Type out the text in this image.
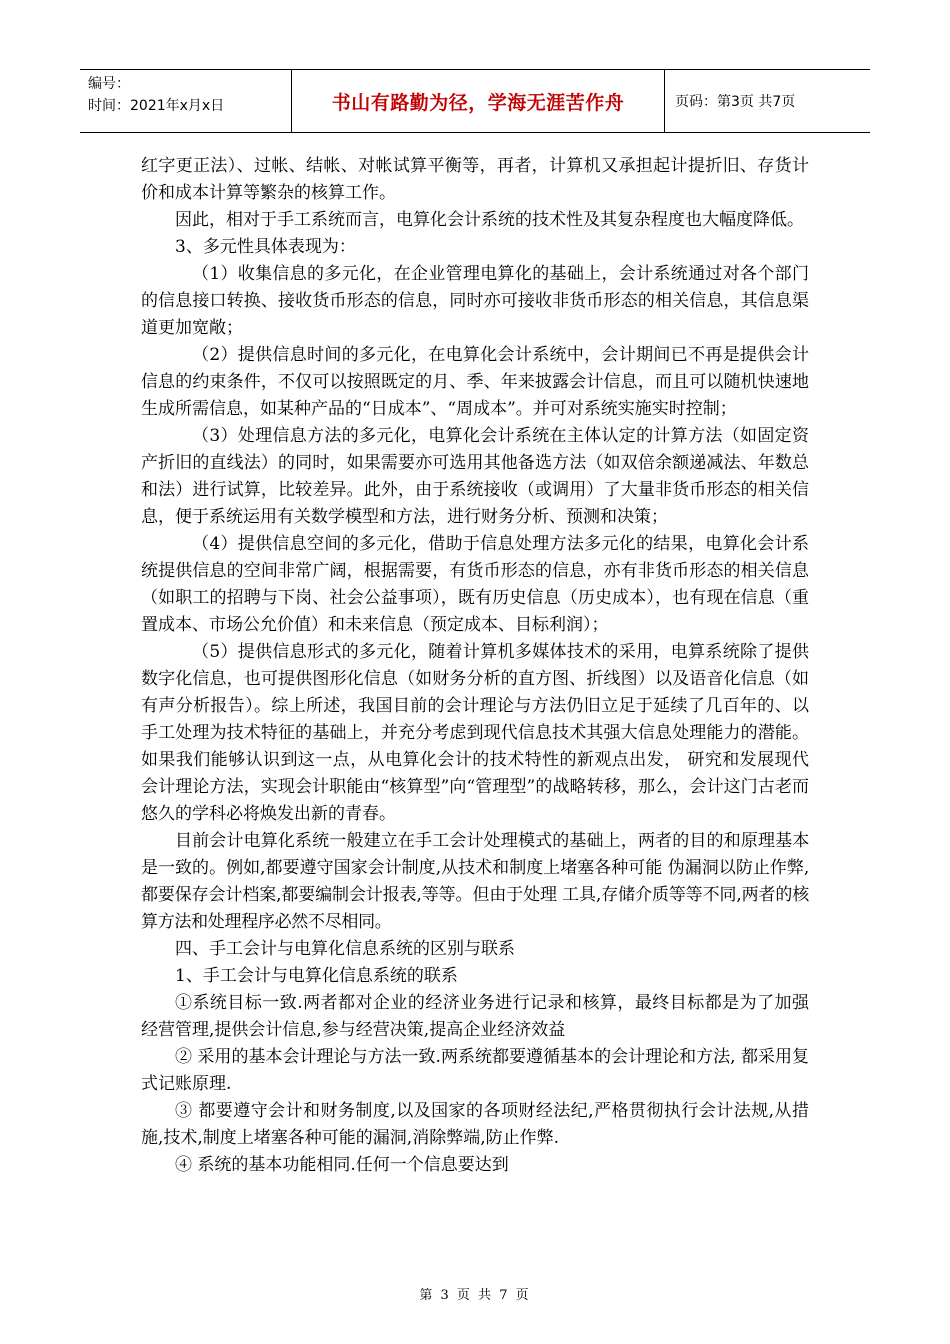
编号：
时间：2021年x月x日	书山有路勤为径，学海无涯苦作舟	页码：第3页 共7页

红字更正法）、过帐、结帐、对帐试算平衡等，再者，计算机又承担起计提折旧、存货计价和成本计算等繁杂的核算工作。

因此，相对于手工系统而言，电算化会计系统的技术性及其复杂程度也大幅度降低。

3、多元性具体表现为：

（1）收集信息的多元化，在企业管理电算化的基础上，会计系统通过对各个部门的信息接口转换、接收货币形态的信息，同时亦可接收非货币形态的相关信息，其信息渠道更加宽敞；

（2）提供信息时间的多元化，在电算化会计系统中，会计期间已不再是提供会计信息的约束条件，不仅可以按照既定的月、季、年来披露会计信息，而且可以随机快速地生成所需信息，如某种产品的“日成本”、“周成本”。并可对系统实施实时控制；

（3）处理信息方法的多元化，电算化会计系统在主体认定的计算方法（如固定资产折旧的直线法）的同时，如果需要亦可选用其他备选方法（如双倍余额递减法、年数总和法）进行试算，比较差异。此外，由于系统接收（或调用）了大量非货币形态的相关信息，便于系统运用有关数学模型和方法，进行财务分析、预测和决策；

（4）提供信息空间的多元化，借助于信息处理方法多元化的结果，电算化会计系统提供信息的空间非常广阔，根据需要，有货币形态的信息，亦有非货币形态的相关信息（如职工的招聘与下岗、社会公益事项），既有历史信息（历史成本），也有现在信息（重置成本、市场公允价值）和未来信息（预定成本、目标利润）；

（5）提供信息形式的多元化，随着计算机多媒体技术的采用，电算系统除了提供数字化信息，也可提供图形化信息（如财务分析的直方图、折线图）以及语音化信息（如有声分析报告）。综上所述，我国目前的会计理论与方法仍旧立足于延续了几百年的、以手工处理为技术特征的基础上，并充分考虑到现代信息技术其强大信息处理能力的潜能。如果我们能够认识到这一点，从电算化会计的技术特性的新观点出发， 研究和发展现代会计理论方法，实现会计职能由“核算型”向“管理型”的战略转移，那么，会计这门古老而悠久的学科必将焕发出新的青春。

目前会计电算化系统一般建立在手工会计处理模式的基础上，两者的目的和原理基本是一致的。例如,都要遵守国家会计制度,从技术和制度上堵塞各种可能 伪漏洞以防止作弊,都要保存会计档案,都要编制会计报表,等等。但由于处理 工具,存储介质等等不同,两者的核算方法和处理程序必然不尽相同。

四、手工会计与电算化信息系统的区别与联系

1、手工会计与电算化信息系统的联系

①系统目标一致.两者都对企业的经济业务进行记录和核算，最终目标都是为了加强经营管理,提供会计信息,参与经营决策,提高企业经济效益

② 采用的基本会计理论与方法一致.两系统都要遵循基本的会计理论和方法, 都采用复式记账原理.

③ 都要遵守会计和财务制度,以及国家的各项财经法纪,严格贯彻执行会计法规,从措施,技术,制度上堵塞各种可能的漏洞,消除弊端,防止作弊.

④ 系统的基本功能相同.任何一个信息要达到

第 3 页 共 7 页
